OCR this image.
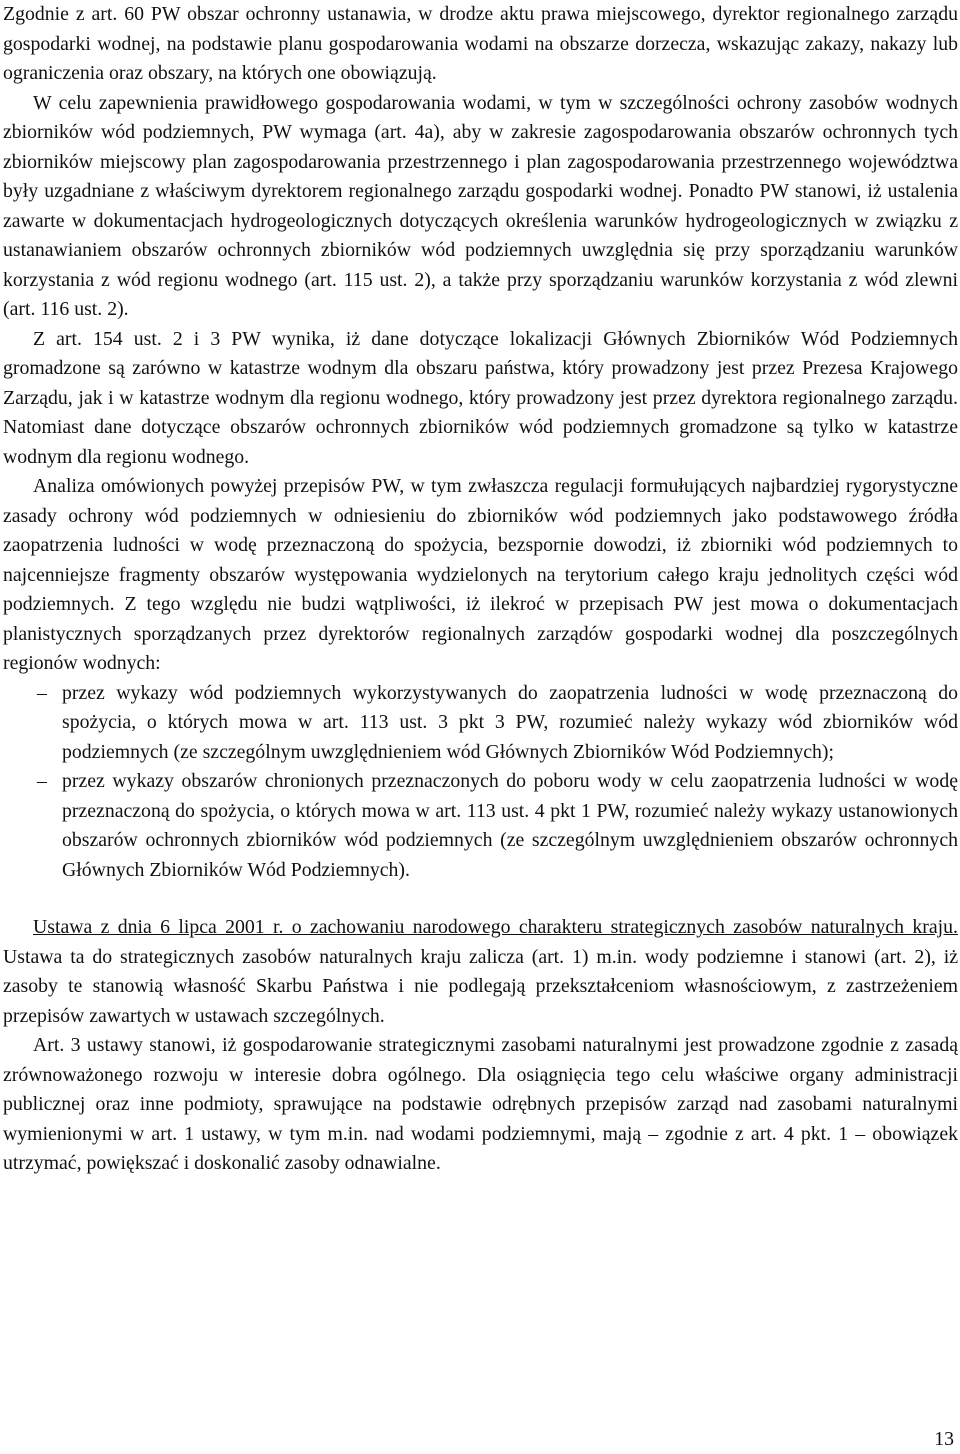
Zgodnie z art. 60 PW obszar ochronny ustanawia, w drodze aktu prawa miejscowego, dyrektor regionalnego zarządu gospodarki wodnej, na podstawie planu gospodarowania wodami na obszarze dorzecza, wskazując zakazy, nakazy lub ograniczenia oraz obszary, na których one obowiązują.

W celu zapewnienia prawidłowego gospodarowania wodami, w tym w szczególności ochrony zasobów wodnych zbiorników wód podziemnych, PW wymaga (art. 4a), aby w zakresie zagospodarowania obszarów ochronnych tych zbiorników miejscowy plan zagospodarowania przestrzennego i plan zagospodarowania przestrzennego województwa były uzgadniane z właściwym dyrektorem regionalnego zarządu gospodarki wodnej. Ponadto PW stanowi, iż ustalenia zawarte w dokumentacjach hydrogeologicznych dotyczących określenia warunków hydrogeologicznych w związku z ustanawianiem obszarów ochronnych zbiorników wód podziemnych uwzględnia się przy sporządzaniu warunków korzystania z wód regionu wodnego (art. 115 ust. 2), a także przy sporządzaniu warunków korzystania z wód zlewni (art. 116 ust. 2).

Z art. 154 ust. 2 i 3 PW wynika, iż dane dotyczące lokalizacji Głównych Zbiorników Wód Podziemnych gromadzone są zarówno w katastrze wodnym dla obszaru państwa, który prowadzony jest przez Prezesa Krajowego Zarządu, jak i w katastrze wodnym dla regionu wodnego, który prowadzony jest przez dyrektora regionalnego zarządu. Natomiast dane dotyczące obszarów ochronnych zbiorników wód podziemnych gromadzone są tylko w katastrze wodnym dla regionu wodnego.

Analiza omówionych powyżej przepisów PW, w tym zwłaszcza regulacji formułujących najbardziej rygorystyczne zasady ochrony wód podziemnych w odniesieniu do zbiorników wód podziemnych jako podstawowego źródła zaopatrzenia ludności w wodę przeznaczoną do spożycia, bezspornie dowodzi, iż zbiorniki wód podziemnych to najcenniejsze fragmenty obszarów występowania wydzielonych na terytorium całego kraju jednolitych części wód podziemnych. Z tego względu nie budzi wątpliwości, iż ilekroć w przepisach PW jest mowa o dokumentacjach planistycznych sporządzanych przez dyrektorów regionalnych zarządów gospodarki wodnej dla poszczególnych regionów wodnych:

– przez wykazy wód podziemnych wykorzystywanych do zaopatrzenia ludności w wodę przeznaczoną do spożycia, o których mowa w art. 113 ust. 3 pkt 3 PW, rozumieć należy wykazy wód zbiorników wód podziemnych (ze szczególnym uwzględnieniem wód Głównych Zbiorników Wód Podziemnych);
– przez wykazy obszarów chronionych przeznaczonych do poboru wody w celu zaopatrzenia ludności w wodę przeznaczoną do spożycia, o których mowa w art. 113 ust. 4 pkt 1 PW, rozumieć należy wykazy ustanowionych obszarów ochronnych zbiorników wód podziemnych (ze szczególnym uwzględnieniem obszarów ochronnych Głównych Zbiorników Wód Podziemnych).

Ustawa z dnia 6 lipca 2001 r. o zachowaniu narodowego charakteru strategicznych zasobów naturalnych kraju. Ustawa ta do strategicznych zasobów naturalnych kraju zalicza (art. 1) m.in. wody podziemne i stanowi (art. 2), iż zasoby te stanowią własność Skarbu Państwa i nie podlegają przekształceniom własnościowym, z zastrzeżeniem przepisów zawartych w ustawach szczególnych.

Art. 3 ustawy stanowi, iż gospodarowanie strategicznymi zasobami naturalnymi jest prowadzone zgodnie z zasadą zrównoważonego rozwoju w interesie dobra ogólnego. Dla osiągnięcia tego celu właściwe organy administracji publicznej oraz inne podmioty, sprawujące na podstawie odrębnych przepisów zarząd nad zasobami naturalnymi wymienionymi w art. 1 ustawy, w tym m.in. nad wodami podziemnymi, mają – zgodnie z art. 4 pkt. 1 – obowiązek utrzymać, powiększać i doskonalić zasoby odnawialne.

13
